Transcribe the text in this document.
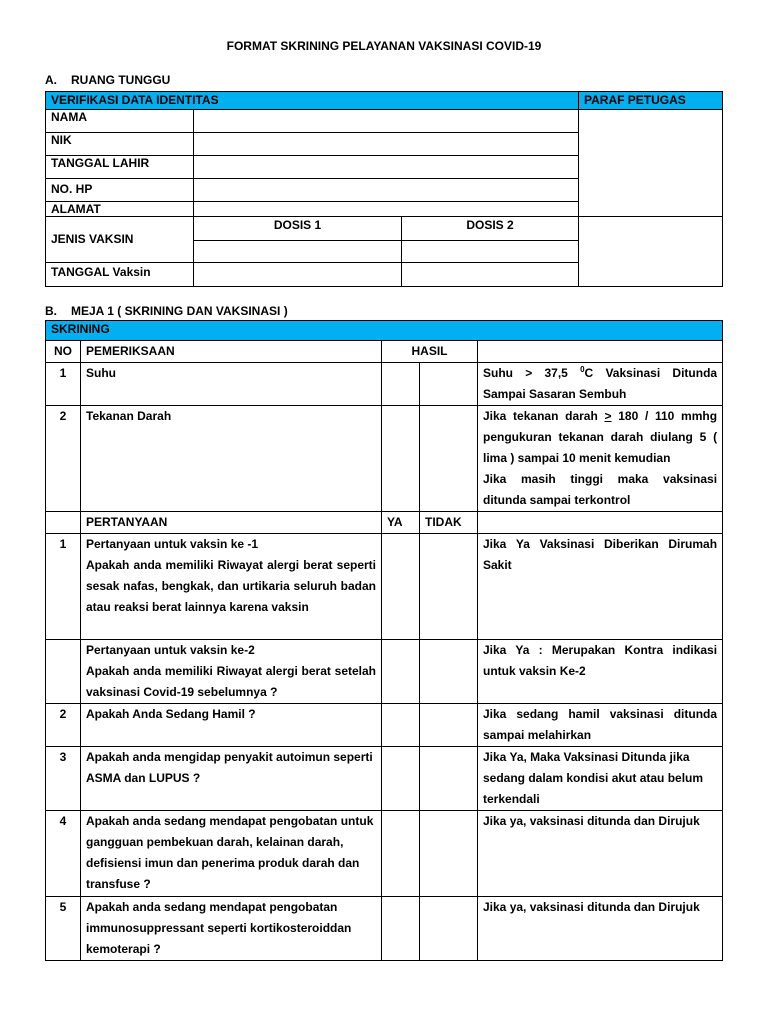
FORMAT SKRINING PELAYANAN VAKSINASI COVID-19
A. RUANG TUNGGU
VERIFIKASI DATA IDENTITAS			PARAF PETUGAS
NAMA			
NIK			
TANGGAL LAHIR			
NO. HP			
ALAMAT			
JENIS VAKSIN	DOSIS 1	DOSIS 2	

TANGGAL Vaksin			
B. MEJA 1 ( SKRINING DAN VAKSINASI )
SKRINING				
NO	PEMERIKSAAN	HASIL		
1	Suhu			Suhu > 37,5 $^0$C Vaksinasi Ditunda Sampai Sasaran Sembuh
2	Tekanan Darah			Jika tekanan darah > 180 / 110 mmhg pengukuran tekanan darah diulang 5 ( lima ) sampai 10 menit kemudian
Jika masih tinggi maka vaksinasi ditunda sampai terkontrol

	PERTANYAAN	YA	TIDAK	
1	Pertanyaan untuk vaksin ke -1
Apakah anda memiliki Riwayat alergi berat seperti sesak nafas, bengkak, dan urtikaria seluruh badan atau reaksi berat lainnya karena vaksin			Jika Ya Vaksinasi Diberikan Dirumah Sakit

	Pertanyaan untuk vaksin ke-2
Apakah anda memiliki Riwayat alergi berat setelah vaksinasi Covid-19 sebelumnya ?			Jika Ya : Merupakan Kontra indikasi untuk vaksin Ke-2
2	Apakah Anda Sedang Hamil ?			Jika sedang hamil vaksinasi ditunda sampai melahirkan
3	Apakah anda mengidap penyakit autoimun seperti ASMA dan LUPUS ?			Jika Ya, Maka Vaksinasi Ditunda jika sedang dalam kondisi akut atau belum terkendali
4	Apakah anda sedang mendapat pengobatan untuk gangguan pembekuan darah, kelainan darah, defisiensi imun dan penerima produk darah dan transfuse ?			Jika ya, vaksinasi ditunda dan Dirujuk
5	Apakah anda sedang mendapat pengobatan immunosuppressant seperti kortikosteroiddan kemoterapi ?			Jika ya, vaksinasi ditunda dan Dirujuk
